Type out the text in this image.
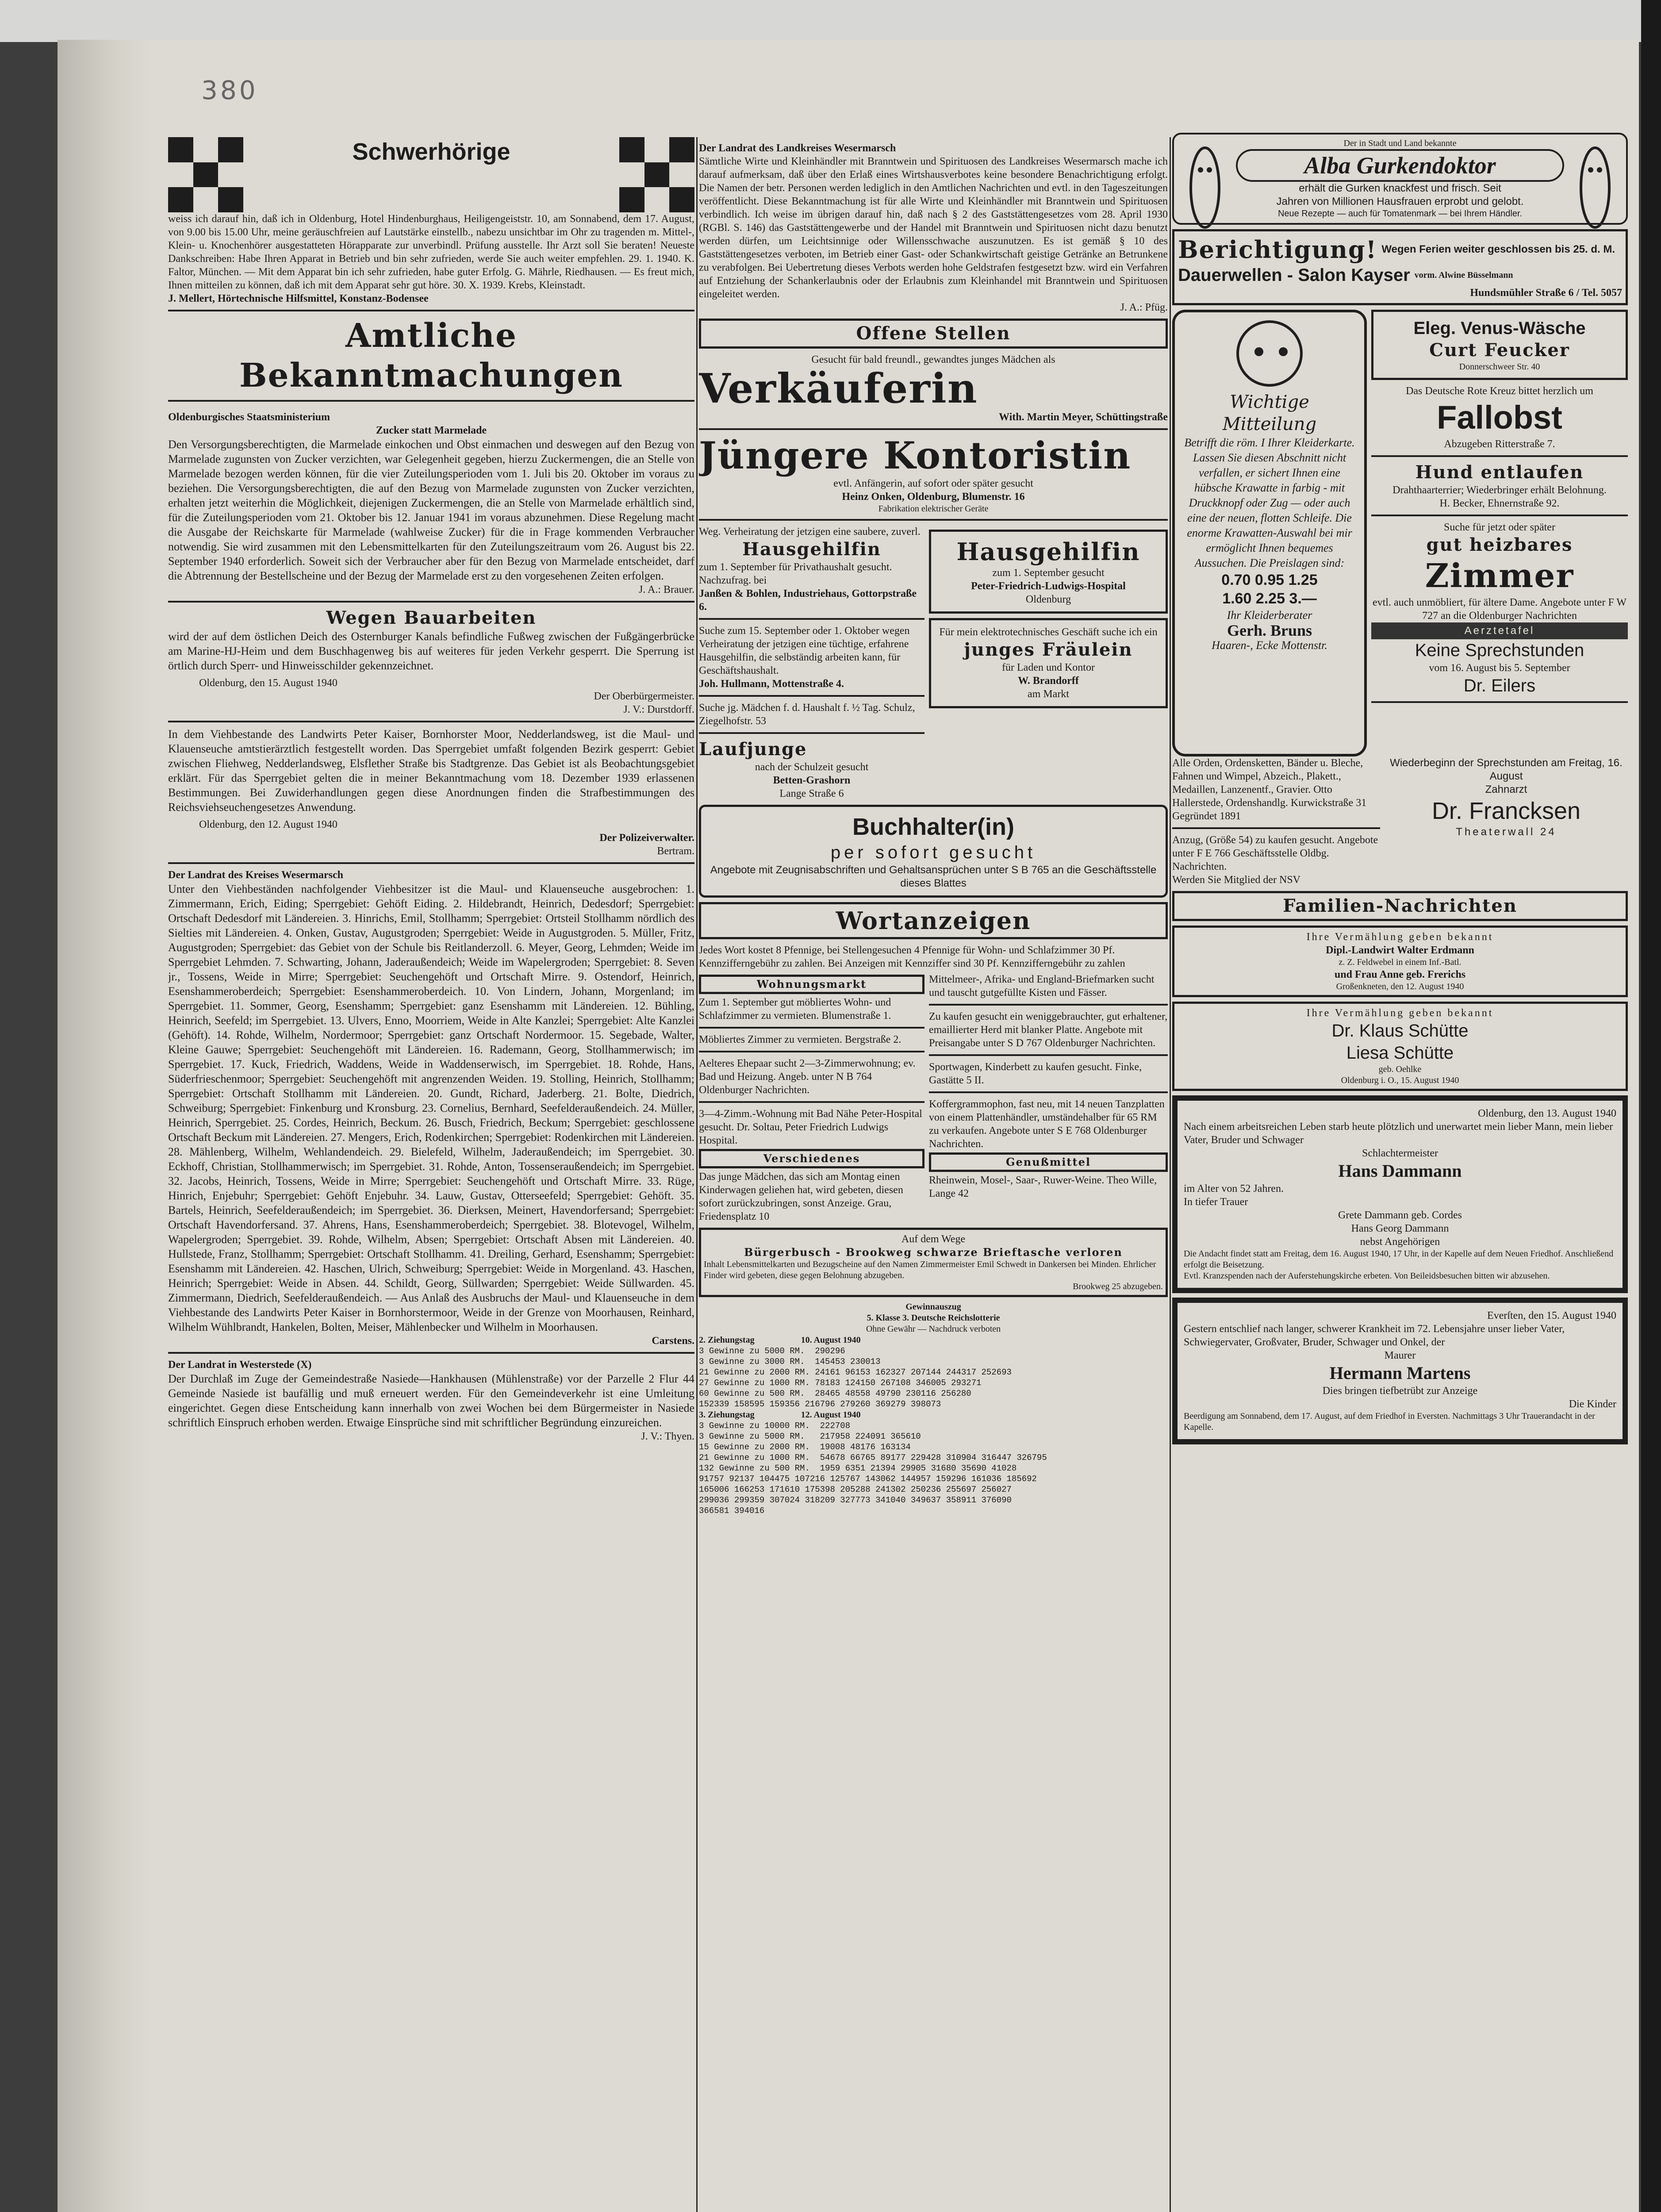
380
Schwerhörige
weiss ich darauf hin, daß ich in Oldenburg, Hotel Hindenburghaus, Heiligengeiststr. 10, am Sonnabend, dem 17. August, von 9.00 bis 15.00 Uhr, meine geräuschfreien auf Lautstärke einstellb., nabezu unsichtbar im Ohr zu tragenden m. Mittel-, Klein- u. Knochenhörer ausgestatteten Hörapparate zur unverbindl. Prüfung ausstelle. Ihr Arzt soll Sie beraten! Neueste Dankschreiben: Habe Ihren Apparat in Betrieb und bin sehr zufrieden, werde Sie auch weiter empfehlen. 29. 1. 1940. K. Faltor, München. — Mit dem Apparat bin ich sehr zufrieden, habe guter Erfolg. G. Mährle, Riedhausen. — Es freut mich, Ihnen mitteilen zu können, daß ich mit dem Apparat sehr gut höre. 30. X. 1939. Krebs, Kleinstadt.
J. Mellert, Hörtechnische Hilfsmittel, Konstanz-Bodensee
Amtliche Bekanntmachungen
Oldenburgisches Staatsministerium
Zucker statt Marmelade
Den Versorgungsberechtigten, die Marmelade einkochen und Obst einmachen und deswegen auf den Bezug von Marmelade zugunsten von Zucker verzichten, war Gelegenheit gegeben, hierzu Zuckermengen, die an Stelle von Marmelade bezogen werden können, für die vier Zuteilungsperioden vom 1. Juli bis 20. Oktober im voraus zu beziehen. Die Versorgungsberechtigten, die auf den Bezug von Marmelade zugunsten von Zucker verzichten, erhalten jetzt weiterhin die Möglichkeit, diejenigen Zuckermengen, die an Stelle von Marmelade erhältlich sind, für die Zuteilungsperioden vom 21. Oktober bis 12. Januar 1941 im voraus abzunehmen. Diese Regelung macht die Ausgabe der Reichskarte für Marmelade (wahlweise Zucker) für die in Frage kommenden Verbraucher notwendig. Sie wird zusammen mit den Lebensmittelkarten für den Zuteilungszeitraum vom 26. August bis 22. September 1940 erforderlich. Soweit sich der Verbraucher aber für den Bezug von Marmelade entscheidet, darf die Abtrennung der Bestellscheine und der Bezug der Marmelade erst zu den vorgesehenen Zeiten erfolgen.
J. A.: Brauer.
Wegen Bauarbeiten
wird der auf dem östlichen Deich des Osternburger Kanals befindliche Fußweg zwischen der Fußgängerbrücke am Marine-HJ-Heim und dem Buschhagenweg bis auf weiteres für jeden Verkehr gesperrt. Die Sperrung ist örtlich durch Sperr- und Hinweisschilder gekennzeichnet.
Oldenburg, den 15. August 1940
Der Oberbürgermeister.
J. V.: Durstdorff.
In dem Viehbestande des Landwirts Peter Kaiser, Bornhorster Moor, Nedderlandsweg, ist die Maul- und Klauenseuche amtstierärztlich festgestellt worden. Das Sperrgebiet umfaßt folgenden Bezirk gesperrt: Gebiet zwischen Fliehweg, Nedderlandsweg, Elsflether Straße bis Stadtgrenze. Das Gebiet ist als Beobachtungsgebiet erklärt. Für das Sperrgebiet gelten die in meiner Bekanntmachung vom 18. Dezember 1939 erlassenen Bestimmungen. Bei Zuwiderhandlungen gegen diese Anordnungen finden die Strafbestimmungen des Reichsviehseuchengesetzes Anwendung.
Oldenburg, den 12. August 1940
Der Polizeiverwalter.
Bertram.
Der Landrat des Kreises Wesermarsch
Unter den Viehbeständen nachfolgender Viehbesitzer ist die Maul- und Klauenseuche ausgebrochen: 1. Zimmermann, Erich, Eiding; Sperrgebiet: Gehöft Eiding. 2. Hildebrandt, Heinrich, Dedesdorf; Sperrgebiet: Ortschaft Dedesdorf mit Ländereien. 3. Hinrichs, Emil, Stollhamm; Sperrgebiet: Ortsteil Stollhamm nördlich des Sielties mit Ländereien. 4. Onken, Gustav, Augustgroden; Sperrgebiet: Weide in Augustgroden. 5. Müller, Fritz, Augustgroden; Sperrgebiet: das Gebiet von der Schule bis Reitlanderzoll. 6. Meyer, Georg, Lehmden; Weide im Sperrgebiet Lehmden. 7. Schwarting, Johann, Jaderaußendeich; Weide im Wapelergroden; Sperrgebiet: 8. Seven jr., Tossens, Weide in Mirre; Sperrgebiet: Seuchengehöft und Ortschaft Mirre. 9. Ostendorf, Heinrich, Esenshammeroberdeich; Sperrgebiet: Esenshammeroberdeich. 10. Von Lindern, Johann, Morgenland; im Sperrgebiet. 11. Sommer, Georg, Esenshamm; Sperrgebiet: ganz Esenshamm mit Ländereien. 12. Bühling, Heinrich, Seefeld; im Sperrgebiet. 13. Ulvers, Enno, Moorriem, Weide in Alte Kanzlei; Sperrgebiet: Alte Kanzlei (Gehöft). 14. Rohde, Wilhelm, Nordermoor; Sperrgebiet: ganz Ortschaft Nordermoor. 15. Segebade, Walter, Kleine Gauwe; Sperrgebiet: Seuchengehöft mit Ländereien. 16. Rademann, Georg, Stollhammerwisch; im Sperrgebiet. 17. Kuck, Friedrich, Waddens, Weide in Waddenserwisch, im Sperrgebiet. 18. Rohde, Hans, Süderfrieschenmoor; Sperrgebiet: Seuchengehöft mit angrenzenden Weiden. 19. Stolling, Heinrich, Stollhamm; Sperrgebiet: Ortschaft Stollhamm mit Ländereien. 20. Gundt, Richard, Jaderberg. 21. Bolte, Diedrich, Schweiburg; Sperrgebiet: Finkenburg und Kronsburg. 23. Cornelius, Bernhard, Seefelderaußendeich. 24. Müller, Heinrich, Sperrgebiet. 25. Cordes, Heinrich, Beckum. 26. Busch, Friedrich, Beckum; Sperrgebiet: geschlossene Ortschaft Beckum mit Ländereien. 27. Mengers, Erich, Rodenkirchen; Sperrgebiet: Rodenkirchen mit Ländereien. 28. Mählenberg, Wilhelm, Wehlandendeich. 29. Bielefeld, Wilhelm, Jaderaußendeich; im Sperrgebiet. 30. Eckhoff, Christian, Stollhammerwisch; im Sperrgebiet. 31. Rohde, Anton, Tossenseraußendeich; im Sperrgebiet. 32. Jacobs, Heinrich, Tossens, Weide in Mirre; Sperrgebiet: Seuchengehöft und Ortschaft Mirre. 33. Rüge, Hinrich, Enjebuhr; Sperrgebiet: Gehöft Enjebuhr. 34. Lauw, Gustav, Otterseefeld; Sperrgebiet: Gehöft. 35. Bartels, Heinrich, Seefelderaußendeich; im Sperrgebiet. 36. Dierksen, Meinert, Havendorfersand; Sperrgebiet: Ortschaft Havendorfersand. 37. Ahrens, Hans, Esenshammeroberdeich; Sperrgebiet. 38. Blotevogel, Wilhelm, Wapelergroden; Sperrgebiet. 39. Rohde, Wilhelm, Absen; Sperrgebiet: Ortschaft Absen mit Ländereien. 40. Hullstede, Franz, Stollhamm; Sperrgebiet: Ortschaft Stollhamm. 41. Dreiling, Gerhard, Esenshamm; Sperrgebiet: Esenshamm mit Ländereien. 42. Haschen, Ulrich, Schweiburg; Sperrgebiet: Weide in Morgenland. 43. Haschen, Heinrich; Sperrgebiet: Weide in Absen. 44. Schildt, Georg, Süllwarden; Sperrgebiet: Weide Süllwarden. 45. Zimmermann, Diedrich, Seefelderaußendeich. — Aus Anlaß des Ausbruchs der Maul- und Klauenseuche in dem Viehbestande des Landwirts Peter Kaiser in Bornhorstermoor, Weide in der Grenze von Moorhausen, Reinhard, Wilhelm Wühlbrandt, Hankelen, Bolten, Meiser, Mählenbecker und Wilhelm in Moorhausen.
Carstens.
Der Landrat in Westerstede (X)
Der Durchlaß im Zuge der Gemeindestraße Nasiede—Hankhausen (Mühlenstraße) vor der Parzelle 2 Flur 44 Gemeinde Nasiede ist baufällig und muß erneuert werden. Für den Gemeindeverkehr ist eine Umleitung eingerichtet. Gegen diese Entscheidung kann innerhalb von zwei Wochen bei dem Bürgermeister in Nasiede schriftlich Einspruch erhoben werden. Etwaige Einsprüche sind mit schriftlicher Begründung einzureichen.
J. V.: Thyen.
Der Landrat des Landkreises Wesermarsch
Sämtliche Wirte und Kleinhändler mit Branntwein und Spirituosen des Landkreises Wesermarsch mache ich darauf aufmerksam, daß über den Erlaß eines Wirtshausverbotes keine besondere Benachrichtigung erfolgt. Die Namen der betr. Personen werden lediglich in den Amtlichen Nachrichten und evtl. in den Tageszeitungen veröffentlicht. Diese Bekanntmachung ist für alle Wirte und Kleinhändler mit Branntwein und Spirituosen verbindlich. Ich weise im übrigen darauf hin, daß nach § 2 des Gaststättengesetzes vom 28. April 1930 (RGBl. S. 146) das Gaststättengewerbe und der Handel mit Branntwein und Spirituosen nicht dazu benutzt werden dürfen, um Leichtsinnige oder Willensschwache auszunutzen. Es ist gemäß § 10 des Gaststättengesetzes verboten, im Betrieb einer Gast- oder Schankwirtschaft geistige Getränke an Betrunkene zu verabfolgen. Bei Uebertretung dieses Verbots werden hohe Geldstrafen festgesetzt bzw. wird ein Verfahren auf Entziehung der Schankerlaubnis oder der Erlaubnis zum Kleinhandel mit Branntwein und Spirituosen eingeleitet werden.
J. A.: Pfüg.
Offene Stellen
Gesucht für bald freundl., gewandtes junges Mädchen als
Verkäuferin
With. Martin Meyer, Schüttingstraße
Jüngere Kontoristin
evtl. Anfängerin, auf sofort oder später gesucht
Heinz Onken, Oldenburg, Blumenstr. 16
Fabrikation elektrischer Geräte
Weg. Verheiratung der jetzigen eine saubere, zuverl.
Hausgehilfin
zum 1. September für Privathaushalt gesucht. Nachzufrag. bei
Janßen & Bohlen, Industriehaus, Gottorpstraße 6.
Suche zum 15. September oder 1. Oktober wegen Verheiratung der jetzigen eine tüchtige, erfahrene Hausgehilfin, die selbständig arbeiten kann, für Geschäftshaushalt.
Joh. Hullmann, Mottenstraße 4.
Suche jg. Mädchen f. d. Haushalt f. ½ Tag. Schulz, Ziegelhofstr. 53
Laufjunge
nach der Schulzeit gesucht
Betten-Grashorn
Lange Straße 6
Hausgehilfin
zum 1. September gesucht
Peter-Friedrich-Ludwigs-Hospital
Oldenburg
Für mein elektrotechnisches Geschäft suche ich ein
junges Fräulein
für Laden und Kontor
W. Brandorff
am Markt
Buchhalter(in)
per sofort gesucht
Angebote mit Zeugnisabschriften und Gehaltsansprüchen unter S B 765 an die Geschäftsstelle dieses Blattes
Wortanzeigen
Jedes Wort kostet 8 Pfennige, bei Stellengesuchen 4 Pfennige für Wohn- und Schlafzimmer 30 Pf. Kennzifferngebühr zu zahlen. Bei Anzeigen mit Kennziffer sind 30 Pf. Kennzifferngebühr zu zahlen
Wohnungsmarkt
Zum 1. September gut möbliertes Wohn- und Schlafzimmer zu vermieten. Blumenstraße 1.
Möbliertes Zimmer zu vermieten. Bergstraße 2.
Aelteres Ehepaar sucht 2—3-Zimmerwohnung; ev. Bad und Heizung. Angeb. unter N B 764 Oldenburger Nachrichten.
3—4-Zimm.-Wohnung mit Bad Nähe Peter-Hospital gesucht. Dr. Soltau, Peter Friedrich Ludwigs Hospital.
Verschiedenes
Das junge Mädchen, das sich am Montag einen Kinderwagen geliehen hat, wird gebeten, diesen sofort zurückzubringen, sonst Anzeige. Grau, Friedensplatz 10
Mittelmeer-, Afrika- und England-Briefmarken sucht und tauscht gutgefüllte Kisten und Fässer.
Zu kaufen gesucht ein weniggebrauchter, gut erhaltener, emaillierter Herd mit blanker Platte. Angebote mit Preisangabe unter S D 767 Oldenburger Nachrichten.
Sportwagen, Kinderbett zu kaufen gesucht. Finke, Gastätte 5 II.
Koffergrammophon, fast neu, mit 14 neuen Tanzplatten von einem Plattenhändler, umständehalber für 65 RM zu verkaufen. Angebote unter S E 768 Oldenburger Nachrichten.
Genußmittel
Rheinwein, Mosel-, Saar-, Ruwer-Weine. Theo Wille, Lange 42
Auf dem Wege
Bürgerbusch - Brookweg schwarze Brieftasche verloren
Inhalt Lebensmittelkarten und Bezugscheine auf den Namen Zimmermeister Emil Schwedt in Dankersen bei Minden. Ehrlicher Finder wird gebeten, diese gegen Belohnung abzugeben.
Brookweg 25 abzugeben.
Gewinnauszug
5. Klasse 3. Deutsche Reichslotterie
Ohne Gewähr — Nachdruck verboten
2. Ziehungstag                     10. August 1940
3 Gewinne zu 5000 RM.  290296
3 Gewinne zu 3000 RM.  145453 230013
21 Gewinne zu 2000 RM. 24161 96153 162327 207144 244317 252693
27 Gewinne zu 1000 RM. 78183 124150 267108 346005 293271
60 Gewinne zu 500 RM.  28465 48558 49790 230116 256280
152339 158595 159356 216796 279260 369279 398073
3. Ziehungstag                     12. August 1940
3 Gewinne zu 10000 RM.  222708
3 Gewinne zu 5000 RM.   217958 224091 365610
15 Gewinne zu 2000 RM.  19008 48176 163134
21 Gewinne zu 1000 RM.  54678 66765 89177 229428 310904 316447 326795
132 Gewinne zu 500 RM.  1959 6351 21394 29905 31680 35690 41028
91757 92137 104475 107216 125767 143062 144957 159296 161036 185692
165006 166253 171610 175398 205288 241302 250236 255697 256027
299036 299359 307024 318209 327773 341040 349637 358911 376090
366581 394016
Der in Stadt und Land bekannte
Alba Gurkendoktor
erhält die Gurken knackfest und frisch. Seit
Jahren von Millionen Hausfrauen erprobt und gelobt.
Neue Rezepte — auch für Tomatenmark — bei Ihrem Händler.
Berichtigung! Wegen Ferien weiter geschlossen bis 25. d. M.
Dauerwellen - Salon Kayser vorm. Alwine Büsselmann
Hundsmühler Straße 6 / Tel. 5057
Wichtige Mitteilung
Betrifft die röm. I Ihrer Kleiderkarte. Lassen Sie diesen Abschnitt nicht verfallen, er sichert Ihnen eine hübsche Krawatte in farbig - mit Druckknopf oder Zug — oder auch eine der neuen, flotten Schleife. Die enorme Krawatten-Auswahl bei mir ermöglicht Ihnen bequemes Aussuchen. Die Preislagen sind:
0.70 0.95 1.25
1.60 2.25 3.—
Ihr Kleiderberater
Gerh. Bruns
Haaren-, Ecke Mottenstr.
Eleg. Venus-Wäsche
Curt Feucker
Donnerschweer Str. 40
Das Deutsche Rote Kreuz bittet herzlich um
Fallobst
Abzugeben Ritterstraße 7.
Hund entlaufen
Drahthaarterrier; Wiederbringer erhält Belohnung.
H. Becker, Ehnernstraße 92.
Suche für jetzt oder später
gut heizbares
Zimmer
evtl. auch unmöbliert, für ältere Dame. Angebote unter F W 727 an die Oldenburger Nachrichten
Aerztetafel
Keine Sprechstunden
vom 16. August bis 5. September
Dr. Eilers
Alle Orden, Ordensketten, Bänder u. Bleche, Fahnen und Wimpel, Abzeich., Plakett., Medaillen, Lanzenentf., Gravier. Otto Hallerstede, Ordenshandlg. Kurwickstraße 31 Gegründet 1891
Anzug, (Größe 54) zu kaufen gesucht. Angebote unter F E 766 Geschäftsstelle Oldbg. Nachrichten.
Wiederbeginn der Sprechstunden am Freitag, 16. August
Zahnarzt
Dr. Francksen
Theaterwall 24
Werden Sie Mitglied der NSV
Familien-Nachrichten
Ihre Vermählung geben bekannt
Dipl.-Landwirt Walter Erdmann
z. Z. Feldwebel in einem Inf.-Batl.
und Frau Anne geb. Frerichs
Großenkneten, den 12. August 1940
Ihre Vermählung geben bekannt
Dr. Klaus Schütte
Liesa Schütte
geb. Oehlke
Oldenburg i. O., 15. August 1940
Oldenburg, den 13. August 1940
Nach einem arbeitsreichen Leben starb heute plötzlich und unerwartet mein lieber Mann, mein lieber Vater, Bruder und Schwager
Schlachtermeister
Hans Dammann
im Alter von 52 Jahren.
In tiefer Trauer
Grete Dammann geb. Cordes
Hans Georg Dammann
nebst Angehörigen
Die Andacht findet statt am Freitag, dem 16. August 1940, 17 Uhr, in der Kapelle auf dem Neuen Friedhof. Anschließend erfolgt die Beisetzung.
Evtl. Kranzspenden nach der Auferstehungskirche erbeten. Von Beileidsbesuchen bitten wir abzusehen.
Everſten, den 15. August 1940
Gestern entschlief nach langer, schwerer Krankheit im 72. Lebensjahre unser lieber Vater, Schwiegervater, Großvater, Bruder, Schwager und Onkel, der
Maurer
Hermann Martens
Dies bringen tiefbetrübt zur Anzeige
Die Kinder
Beerdigung am Sonnabend, dem 17. August, auf dem Friedhof in Eversten. Nachmittags 3 Uhr Trauerandacht in der Kapelle.
